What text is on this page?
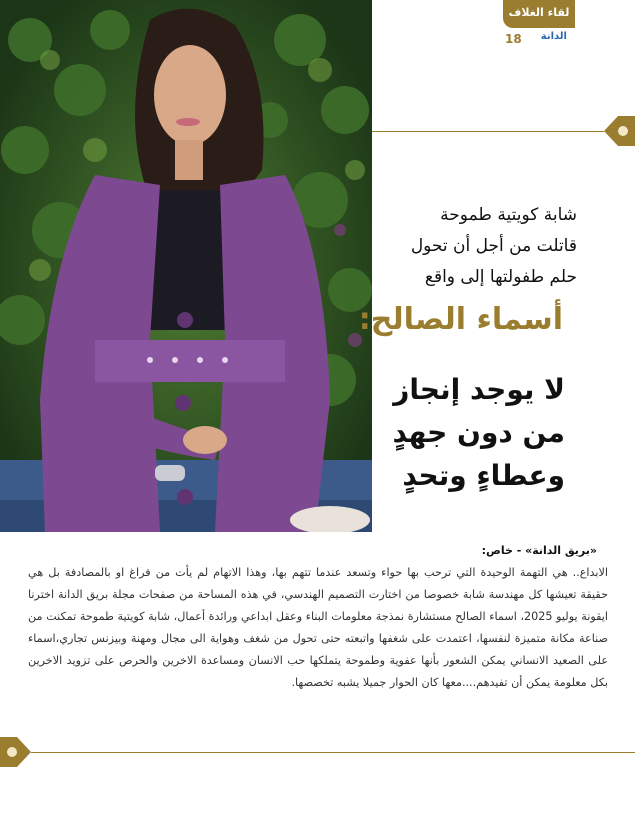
لقاء الغلاف
18 الدانة
شابة كويتية طموحة
قاتلت من أجل أن تحول
حلم طفولتها إلى واقع
أسماء الصالح:
لا يوجد إنجاز
من دون جهدٍ
وعطاءٍ وتحدٍ
«بريق الدانة» - خاص:
الابداع.. هي التهمة الوحيدة التي ترحب بها حواء وتسعد عندما تتهم بها، وهذا الاتهام لم يأت من فراغ او بالمصادفة بل هي حقيقة تعيشها كل مهندسة شابة خصوصا من اختارت التصميم الهندسي، في هذه المساحة من صفحات مجلة بريق الدانة اخترنا ايقونة يوليو 2025، اسماء الصالح مستشارة نمذجة معلومات البناء وعقل ابداعي ورائدة أعمال، شابة كويتية طموحة تمكنت من صناعة مكانة متميزة لنفسها، اعتمدت على شغفها واتبعته حتى تحول من شغف وهواية الى مجال ومهنة وبيزنس تجاري،اسماء على الصعيد الانساني يمكن الشعور بأنها عفوية وطموحة يتملكها حب الانسان ومساعدة الاخرين والحرص على تزويد الاخرين بكل معلومة يمكن أن تفيدهم....معها كان الحوار جميلا يشبه تخصصها.
